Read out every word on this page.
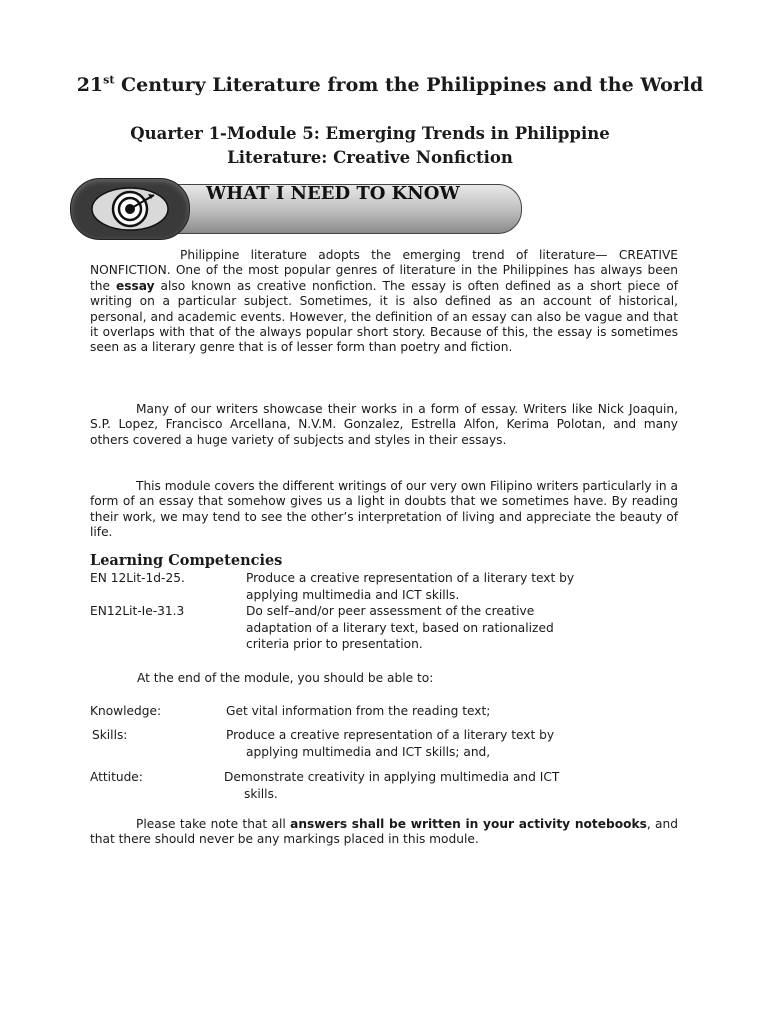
21st Century Literature from the Philippines and the World
Quarter 1-Module 5: Emerging Trends in Philippine
Literature: Creative Nonfiction
WHAT I NEED TO KNOW

Philippine literature adopts the emerging trend of literature— CREATIVE NONFICTION. One of the most popular genres of literature in the Philippines has always been the essay also known as creative nonfiction. The essay is often defined as a short piece of writing on a particular subject. Sometimes, it is also defined as an account of historical, personal, and academic events. However, the definition of an essay can also be vague and that it overlaps with that of the always popular short story. Because of this, the essay is sometimes seen as a literary genre that is of lesser form than poetry and fiction.

Many of our writers showcase their works in a form of essay. Writers like Nick Joaquin, S.P. Lopez, Francisco Arcellana, N.V.M. Gonzalez, Estrella Alfon, Kerima Polotan, and many others covered a huge variety of subjects and styles in their essays.

This module covers the different writings of our very own Filipino writers particularly in a form of an essay that somehow gives us a light in doubts that we sometimes have. By reading their work, we may tend to see the other’s interpretation of living and appreciate the beauty of life.

Learning Competencies
EN 12Lit-1d-25.	Produce a creative representation of a literary text by
applying multimedia and ICT skills.
EN12Lit-Ie-31.3	Do self–and/or peer assessment of the creative
adaptation of a literary text, based on rationalized
criteria prior to presentation.
At the end of the module, you should be able to:
Knowledge:	Get vital information from the reading text;
Skills:	Produce a creative representation of a literary text by
applying multimedia and ICT skills; and,
Attitude:	Demonstrate creativity in applying multimedia and ICT
skills.

Please take note that all answers shall be written in your activity notebooks, and that there should never be any markings placed in this module.
